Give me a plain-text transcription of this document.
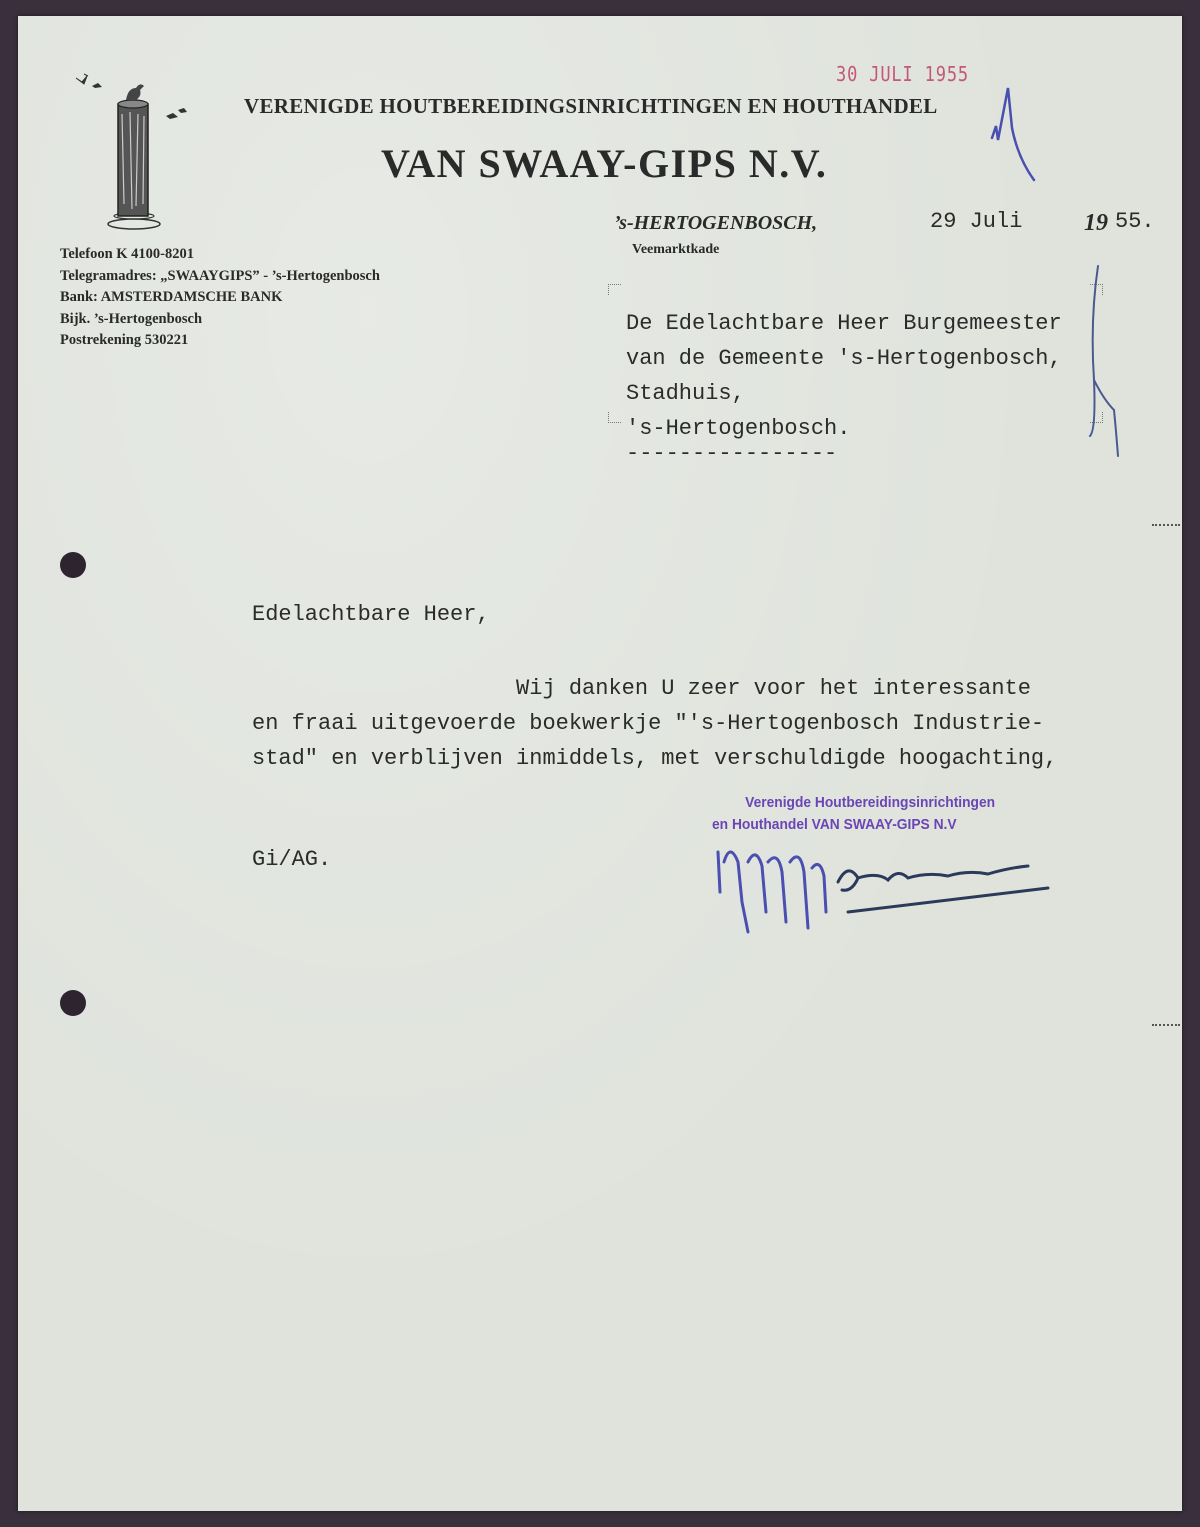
VERENIGDE HOUTBEREIDINGSINRICHTINGEN EN HOUTHANDEL
VAN SWAAY-GIPS N.V.
Telefoon K 4100-8201
Telegramadres: „SWAAYGIPS” - ’s-Hertogenbosch
Bank: AMSTERDAMSCHE BANK
Bijk. ’s-Hertogenbosch
Postrekening 530221
’s-HERTOGENBOSCH,
Veemarktkade
29 Juli	19 55.
30 JULI 1955
De Edelachtbare Heer Burgemeester
van de Gemeente 's-Hertogenbosch,
Stadhuis,
's-Hertogenbosch.
----------------
Edelachtbare Heer,
Wij danken U zeer voor het interessante
en fraai uitgevoerde boekwerkje "'s-Hertogenbosch Industrie-
stad" en verblijven inmiddels, met verschuldigde hoogachting,
Verenigde Houtbereidingsinrichtingen
en Houthandel VAN SWAAY-GIPS N.V
Gi/AG.
